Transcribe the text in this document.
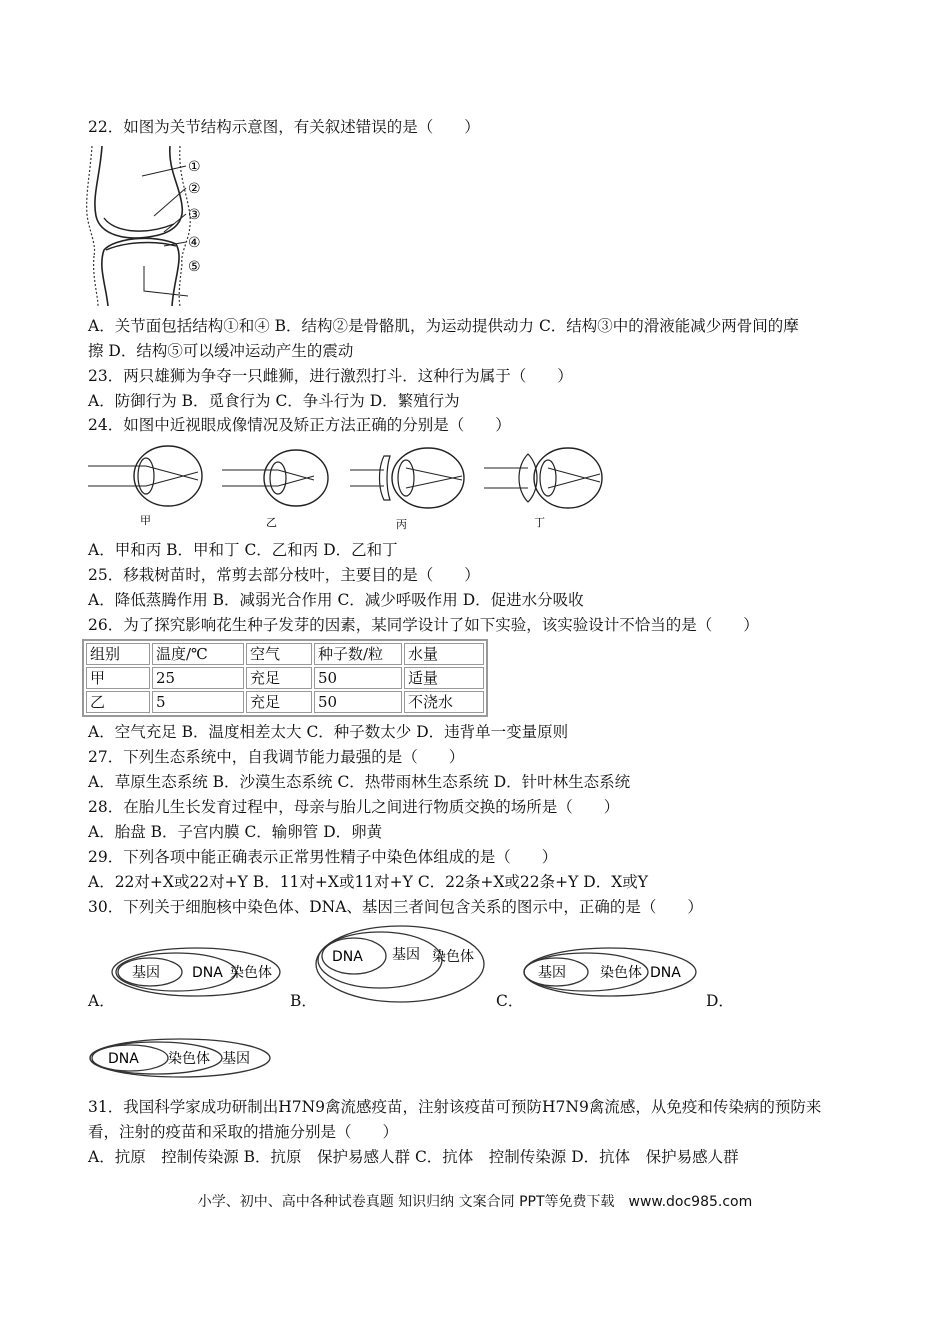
22．如图为关节结构示意图，有关叙述错误的是（　　）
①
②
③
④
⑤
A．关节面包括结构①和④ B．结构②是骨骼肌，为运动提供动力 C．结构③中的滑液能减少两骨间的摩
擦 D．结构⑤可以缓冲运动产生的震动
23．两只雄狮为争夺一只雌狮，进行激烈打斗．这种行为属于（　　）
A．防御行为 B．觅食行为 C．争斗行为 D．繁殖行为
24．如图中近视眼成像情况及矫正方法正确的分别是（　　）
甲	乙	丙	丁
A．甲和丙 B．甲和丁 C．乙和丙 D．乙和丁
25．移栽树苗时，常剪去部分枝叶，主要目的是（　　）
A．降低蒸腾作用 B．减弱光合作用 C．减少呼吸作用 D．促进水分吸收
26．为了探究影响花生种子发芽的因素，某同学设计了如下实验，该实验设计不恰当的是（　　）
组别	温度/℃	空气	种子数/粒	水量
甲	25	充足	50	适量
乙	5	充足	50	不浇水
A．空气充足 B．温度相差太大 C．种子数太少 D．违背单一变量原则
27．下列生态系统中，自我调节能力最强的是（　　）
A．草原生态系统 B．沙漠生态系统 C．热带雨林生态系统 D．针叶林生态系统
28．在胎儿生长发育过程中，母亲与胎儿之间进行物质交换的场所是（　　）
A．胎盘 B．子宫内膜 C．输卵管 D．卵黄
29．下列各项中能正确表示正常男性精子中染色体组成的是（　　）
A．22对+X或22对+Y B．11对+X或11对+Y C．22条+X或22条+Y D．X或Y
30．下列关于细胞核中染色体、DNA、基因三者间包含关系的图示中，正确的是（　　）
基因 DNA 染色体
DNA 基因 染色体
基因 染色体 DNA
A．	B．	C．	D．
DNA 染色体 基因
31．我国科学家成功研制出H7N9禽流感疫苗，注射该疫苗可预防H7N9禽流感，从免疫和传染病的预防来
看，注射的疫苗和采取的措施分别是（　　）
A．抗原　控制传染源 B．抗原　保护易感人群 C．抗体　控制传染源 D．抗体　保护易感人群
小学、初中、高中各种试卷真题 知识归纳 文案合同 PPT等免费下载　www.doc985.com
